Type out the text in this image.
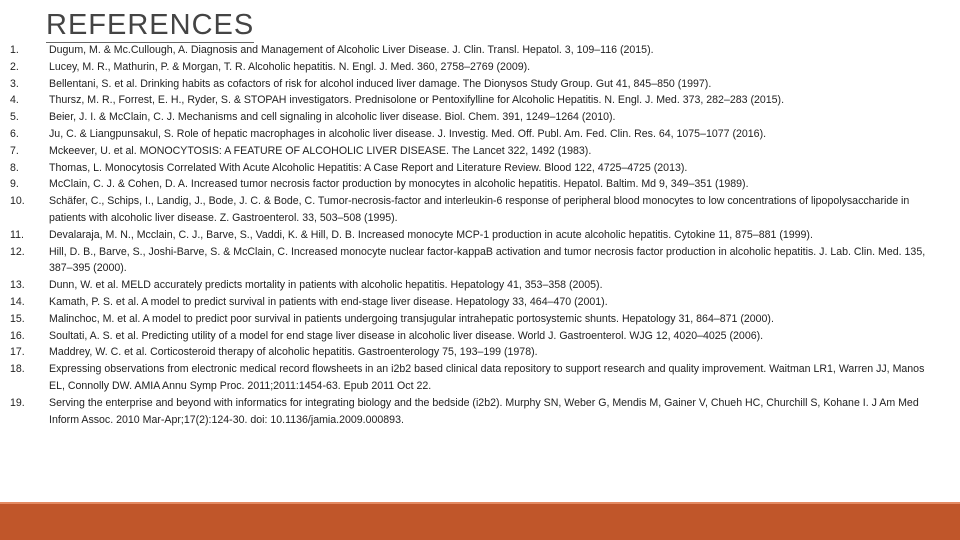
REFERENCES
1.	Dugum, M. & Mc.Cullough, A. Diagnosis and Management of Alcoholic Liver Disease. J. Clin. Transl. Hepatol. 3, 109–116 (2015).
2.	Lucey, M. R., Mathurin, P. & Morgan, T. R. Alcoholic hepatitis. N. Engl. J. Med. 360, 2758–2769 (2009).
3.	Bellentani, S. et al. Drinking habits as cofactors of risk for alcohol induced liver damage. The Dionysos Study Group. Gut 41, 845–850 (1997).
4.	Thursz, M. R., Forrest, E. H., Ryder, S. & STOPAH investigators. Prednisolone or Pentoxifylline for Alcoholic Hepatitis. N. Engl. J. Med. 373, 282–283 (2015).
5.	Beier, J. I. & McClain, C. J. Mechanisms and cell signaling in alcoholic liver disease. Biol. Chem. 391, 1249–1264 (2010).
6.	Ju, C. & Liangpunsakul, S. Role of hepatic macrophages in alcoholic liver disease. J. Investig. Med. Off. Publ. Am. Fed. Clin. Res. 64, 1075–1077 (2016).
7.	Mckeever, U. et al. MONOCYTOSIS: A FEATURE OF ALCOHOLIC LIVER DISEASE. The Lancet 322, 1492 (1983).
8.	Thomas, L. Monocytosis Correlated With Acute Alcoholic Hepatitis: A Case Report and Literature Review. Blood 122, 4725–4725 (2013).
9.	McClain, C. J. & Cohen, D. A. Increased tumor necrosis factor production by monocytes in alcoholic hepatitis. Hepatol. Baltim. Md 9, 349–351 (1989).
10.	Schäfer, C., Schips, I., Landig, J., Bode, J. C. & Bode, C. Tumor-necrosis-factor and interleukin-6 response of peripheral blood monocytes to low concentrations of lipopolysaccharide in patients with alcoholic liver disease. Z. Gastroenterol. 33, 503–508 (1995).
11.	Devalaraja, M. N., Mcclain, C. J., Barve, S., Vaddi, K. & Hill, D. B. Increased monocyte MCP-1 production in acute alcoholic hepatitis. Cytokine 11, 875–881 (1999).
12.	Hill, D. B., Barve, S., Joshi-Barve, S. & McClain, C. Increased monocyte nuclear factor-kappaB activation and tumor necrosis factor production in alcoholic hepatitis. J. Lab. Clin. Med. 135, 387–395 (2000).
13.	Dunn, W. et al. MELD accurately predicts mortality in patients with alcoholic hepatitis. Hepatology 41, 353–358 (2005).
14.	Kamath, P. S. et al. A model to predict survival in patients with end-stage liver disease. Hepatology 33, 464–470 (2001).
15.	Malinchoc, M. et al. A model to predict poor survival in patients undergoing transjugular intrahepatic portosystemic shunts. Hepatology 31, 864–871 (2000).
16.	Soultati, A. S. et al. Predicting utility of a model for end stage liver disease in alcoholic liver disease. World J. Gastroenterol. WJG 12, 4020–4025 (2006).
17.	Maddrey, W. C. et al. Corticosteroid therapy of alcoholic hepatitis. Gastroenterology 75, 193–199 (1978).
18.	Expressing observations from electronic medical record flowsheets in an i2b2 based clinical data repository to support research and quality improvement. Waitman LR1, Warren JJ, Manos EL, Connolly DW. AMIA Annu Symp Proc. 2011;2011:1454-63. Epub 2011 Oct 22.
19.	Serving the enterprise and beyond with informatics for integrating biology and the bedside (i2b2). Murphy SN, Weber G, Mendis M, Gainer V, Chueh HC, Churchill S, Kohane I. J Am Med Inform Assoc. 2010 Mar-Apr;17(2):124-30. doi: 10.1136/jamia.2009.000893.
